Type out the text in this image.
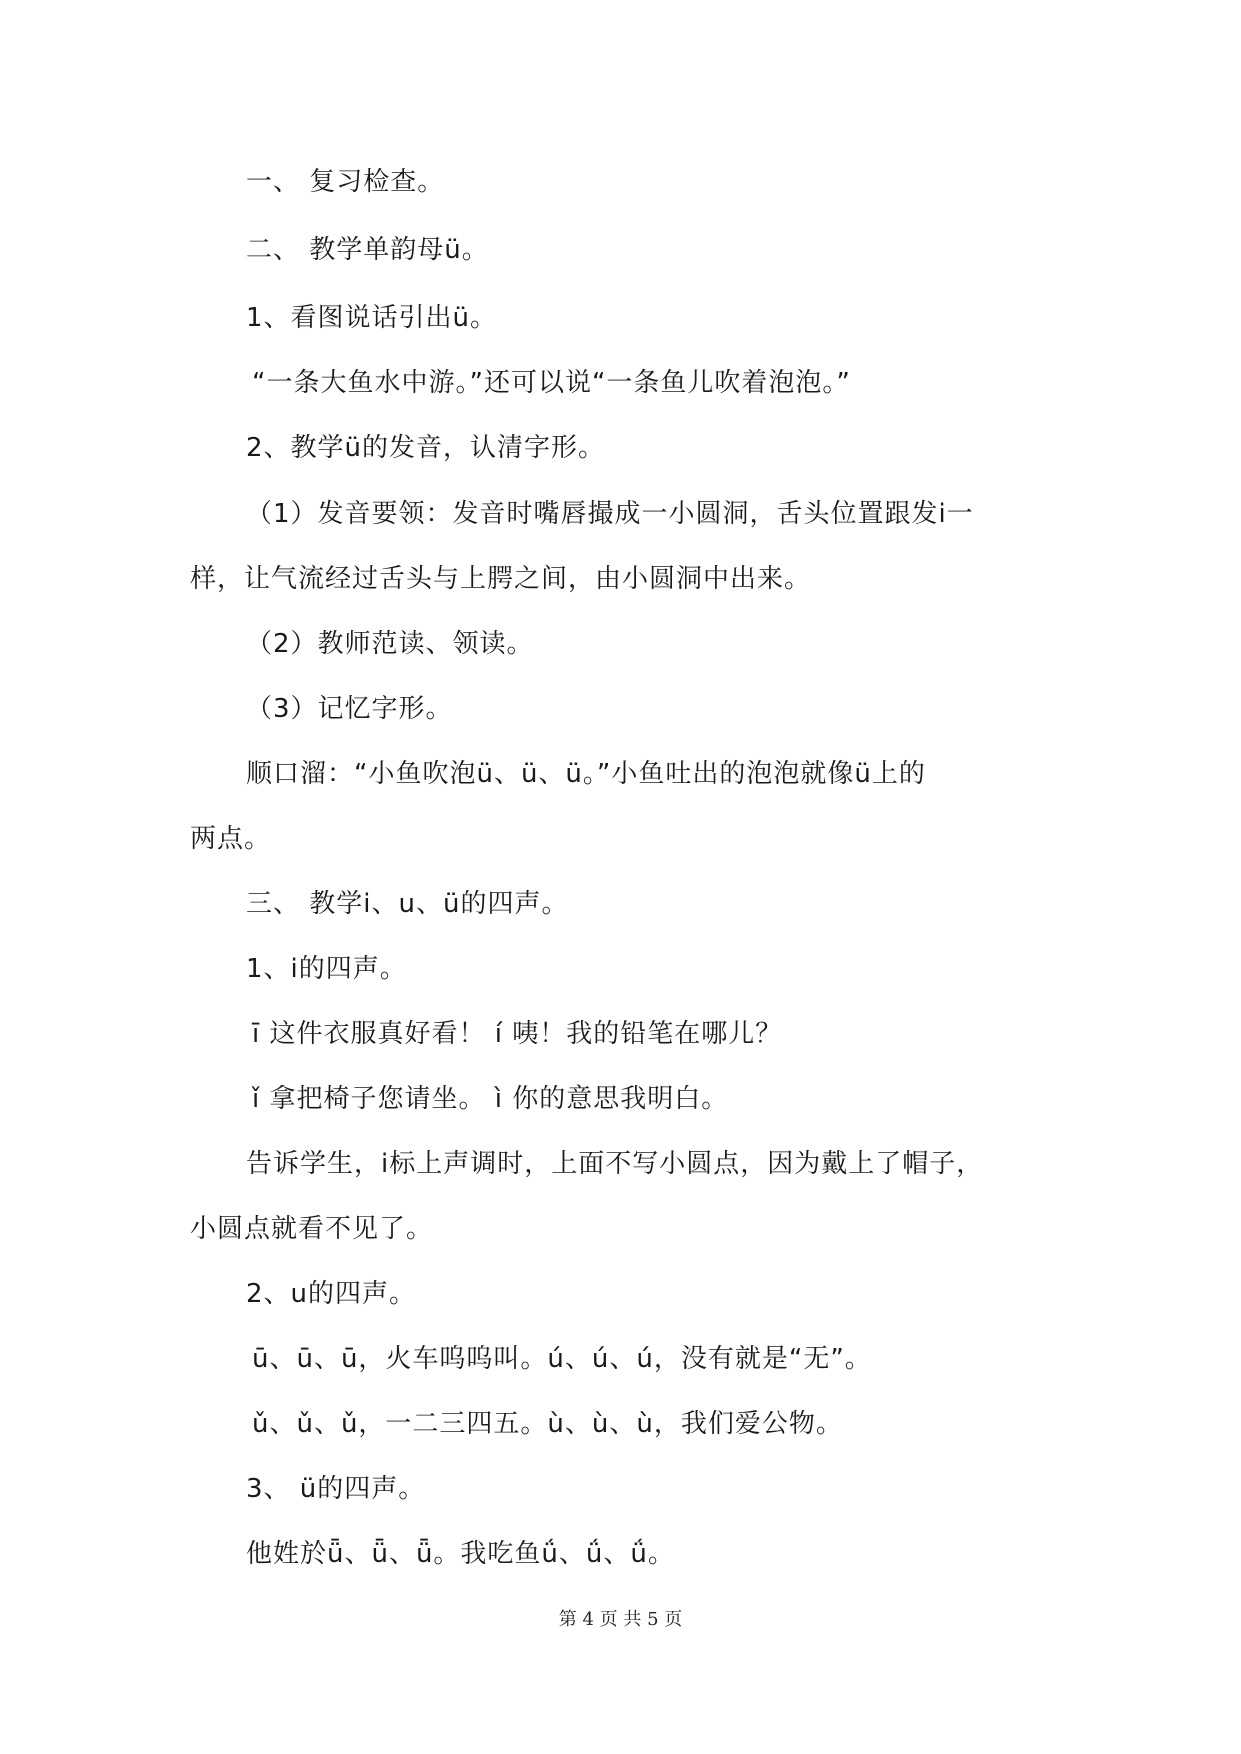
一、 复习检查。
二、 教学单韵母ü。
1、看图说话引出ü。
“一条大鱼水中游。”还可以说“一条鱼儿吹着泡泡。”
2、教学ü的发音，认清字形。
（1）发音要领：发音时嘴唇撮成一小圆洞，舌头位置跟发i一
样，让气流经过舌头与上腭之间，由小圆洞中出来。
（2）教师范读、领读。
（3）记忆字形。
顺口溜：“小鱼吹泡ü、ü、ü。”小鱼吐出的泡泡就像ü上的
两点。
三、 教学i、u、ü的四声。
1、i的四声。
ī 这件衣服真好看！ í 咦！我的铅笔在哪儿？
ǐ 拿把椅子您请坐。 ì 你的意思我明白。
告诉学生，i标上声调时，上面不写小圆点，因为戴上了帽子，
小圆点就看不见了。
2、u的四声。
ū、ū、ū，火车呜呜叫。ú、ú、ú，没有就是“无”。
ǔ、ǔ、ǔ，一二三四五。ù、ù、ù，我们爱公物。
3、 ü的四声。
他姓於ǖ、ǖ、ǖ。我吃鱼ǘ、ǘ、ǘ。
第 4 页 共 5 页
